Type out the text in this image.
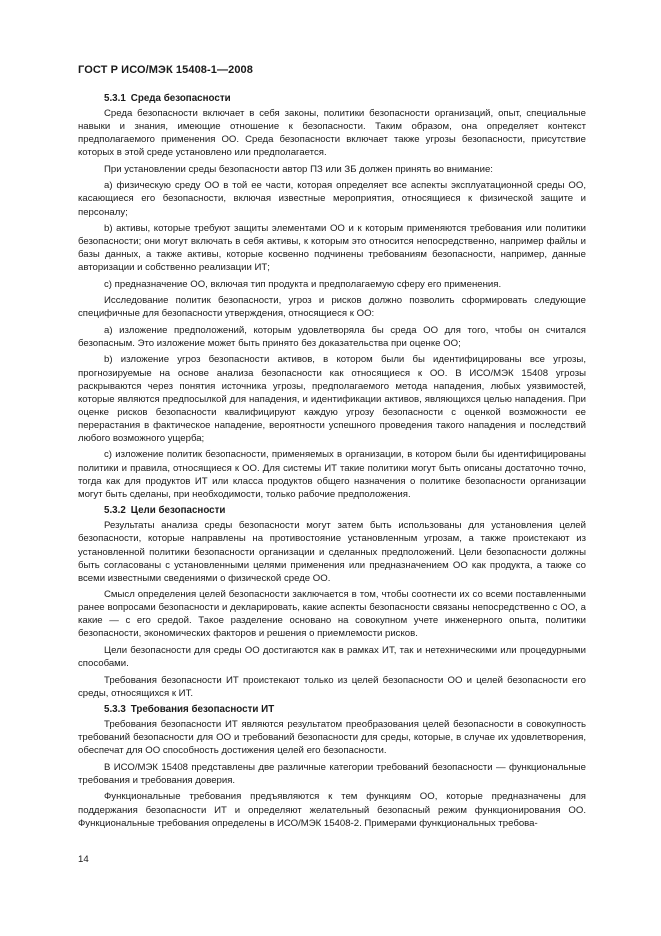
ГОСТ Р ИСО/МЭК 15408-1—2008
5.3.1 Среда безопасности

Среда безопасности включает в себя законы, политики безопасности организаций, опыт, специальные навыки и знания, имеющие отношение к безопасности. Таким образом, она определяет контекст предполагаемого применения ОО. Среда безопасности включает также угрозы безопасности, присутствие которых в этой среде установлено или предполагается.

При установлении среды безопасности автор ПЗ или ЗБ должен принять во внимание:

a) физическую среду ОО в той ее части, которая определяет все аспекты эксплуатационной среды ОО, касающиеся его безопасности, включая известные мероприятия, относящиеся к физической защите и персоналу;

b) активы, которые требуют защиты элементами ОО и к которым применяются требования или политики безопасности; они могут включать в себя активы, к которым это относится непосредственно, например файлы и базы данных, а также активы, которые косвенно подчинены требованиям безопасности, например, данные авторизации и собственно реализации ИТ;

c) предназначение ОО, включая тип продукта и предполагаемую сферу его применения.

Исследование политик безопасности, угроз и рисков должно позволить сформировать следующие специфичные для безопасности утверждения, относящиеся к ОО:

a) изложение предположений, которым удовлетворяла бы среда ОО для того, чтобы он считался безопасным. Это изложение может быть принято без доказательства при оценке ОО;

b) изложение угроз безопасности активов, в котором были бы идентифицированы все угрозы, прогнозируемые на основе анализа безопасности как относящиеся к ОО. В ИСО/МЭК 15408 угрозы раскрываются через понятия источника угрозы, предполагаемого метода нападения, любых уязвимостей, которые являются предпосылкой для нападения, и идентификации активов, являющихся целью нападения. При оценке рисков безопасности квалифицируют каждую угрозу безопасности с оценкой возможности ее перерастания в фактическое нападение, вероятности успешного проведения такого нападения и последствий любого возможного ущерба;

c) изложение политик безопасности, применяемых в организации, в котором были бы идентифицированы политики и правила, относящиеся к ОО. Для системы ИТ такие политики могут быть описаны достаточно точно, тогда как для продуктов ИТ или класса продуктов общего назначения о политике безопасности организации могут быть сделаны, при необходимости, только рабочие предположения.

5.3.2 Цели безопасности

Результаты анализа среды безопасности могут затем быть использованы для установления целей безопасности, которые направлены на противостояние установленным угрозам, а также проистекают из установленной политики безопасности организации и сделанных предположений. Цели безопасности должны быть согласованы с установленными целями применения или предназначением ОО как продукта, а также со всеми известными сведениями о физической среде ОО.

Смысл определения целей безопасности заключается в том, чтобы соотнести их со всеми поставленными ранее вопросами безопасности и декларировать, какие аспекты безопасности связаны непосредственно с ОО, а какие — с его средой. Такое разделение основано на совокупном учете инженерного опыта, политики безопасности, экономических факторов и решения о приемлемости рисков.

Цели безопасности для среды ОО достигаются как в рамках ИТ, так и нетехническими или процедурными способами.

Требования безопасности ИТ проистекают только из целей безопасности ОО и целей безопасности его среды, относящихся к ИТ.

5.3.3 Требования безопасности ИТ

Требования безопасности ИТ являются результатом преобразования целей безопасности в совокупность требований безопасности для ОО и требований безопасности для среды, которые, в случае их удовлетворения, обеспечат для ОО способность достижения целей его безопасности.

В ИСО/МЭК 15408 представлены две различные категории требований безопасности — функциональные требования и требования доверия.

Функциональные требования предъявляются к тем функциям ОО, которые предназначены для поддержания безопасности ИТ и определяют желательный безопасный режим функционирования ОО. Функциональные требования определены в ИСО/МЭК 15408-2. Примерами функциональных требова-

14
